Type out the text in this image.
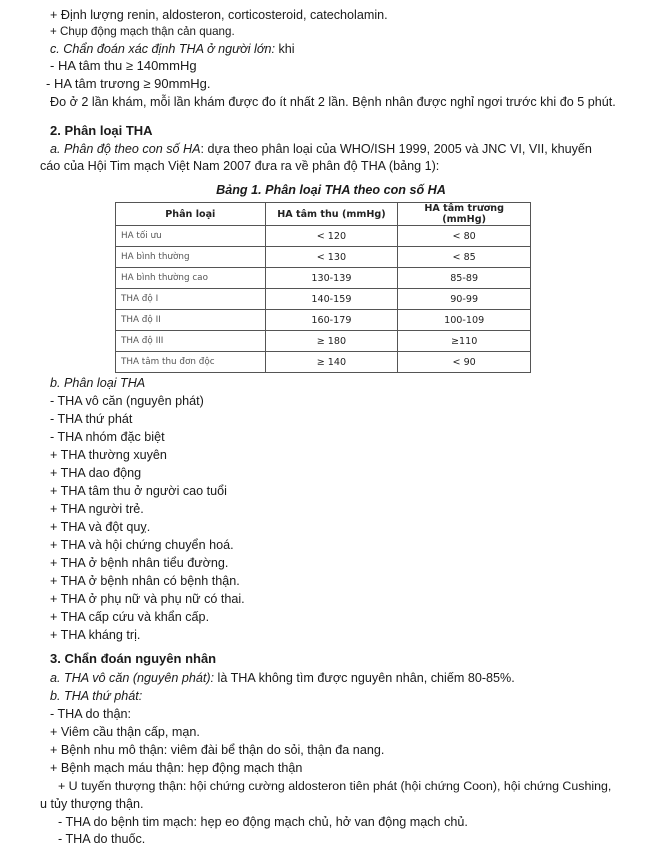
+ Định lượng renin, aldosteron, corticosteroid, catecholamin.
+ Chụp động mạch thận cản quang.
c. Chẩn đoán xác định THA ở người lớn: khi
- HA tâm thu ≥ 140mmHg
- HA tâm trương ≥ 90mmHg.
Đo ở 2 lần khám, mỗi lần khám được đo ít nhất 2 lần. Bệnh nhân được nghỉ ngơi trước khi đo 5 phút.
2. Phân loại THA
a. Phân độ theo con số HA: dựa theo phân loại của WHO/ISH 1999, 2005 và JNC VI, VII, khuyến
cáo của Hội Tim mạch Việt Nam 2007 đưa ra về phân độ THA (bảng 1):
Bảng 1. Phân loại THA theo con số HA
Phân loại	HA tâm thu (mmHg)	HA tâm trương (mmHg)
HA tối ưu	< 120	< 80
HA bình thường	< 130	< 85
HA bình thường cao	130-139	85-89
THA độ I	140-159	90-99
THA độ II	160-179	100-109
THA độ III	≥ 180	≥110
THA tâm thu đơn độc	≥ 140	< 90
b. Phân loại THA
- THA vô căn (nguyên phát)
- THA thứ phát
- THA nhóm đặc biệt
+ THA thường xuyên
+ THA dao động
+ THA tâm thu ở người cao tuổi
+ THA người trẻ.
+ THA và đột quỵ.
+ THA và hội chứng chuyển hoá.
+ THA ở bệnh nhân tiểu đường.
+ THA ở bệnh nhân có bệnh thận.
+ THA ở phụ nữ và phụ nữ có thai.
+ THA cấp cứu và khẩn cấp.
+ THA kháng trị.
3. Chẩn đoán nguyên nhân
a. THA vô căn (nguyên phát): là THA không tìm được nguyên nhân, chiếm 80-85%.
b. THA thứ phát:
- THA do thận:
+ Viêm cầu thận cấp, mạn.
+ Bệnh nhu mô thận: viêm đài bể thận do sỏi, thận đa nang.
+ Bệnh mạch máu thận: hẹp động mạch thận
+ U tuyến thượng thận: hội chứng cường aldosteron tiên phát (hội chứng Coon), hội chứng Cushing,
u tủy thượng thận.
- THA do bệnh tim mạch: hẹp eo động mạch chủ, hở van động mạch chủ.
- THA do thuốc.
